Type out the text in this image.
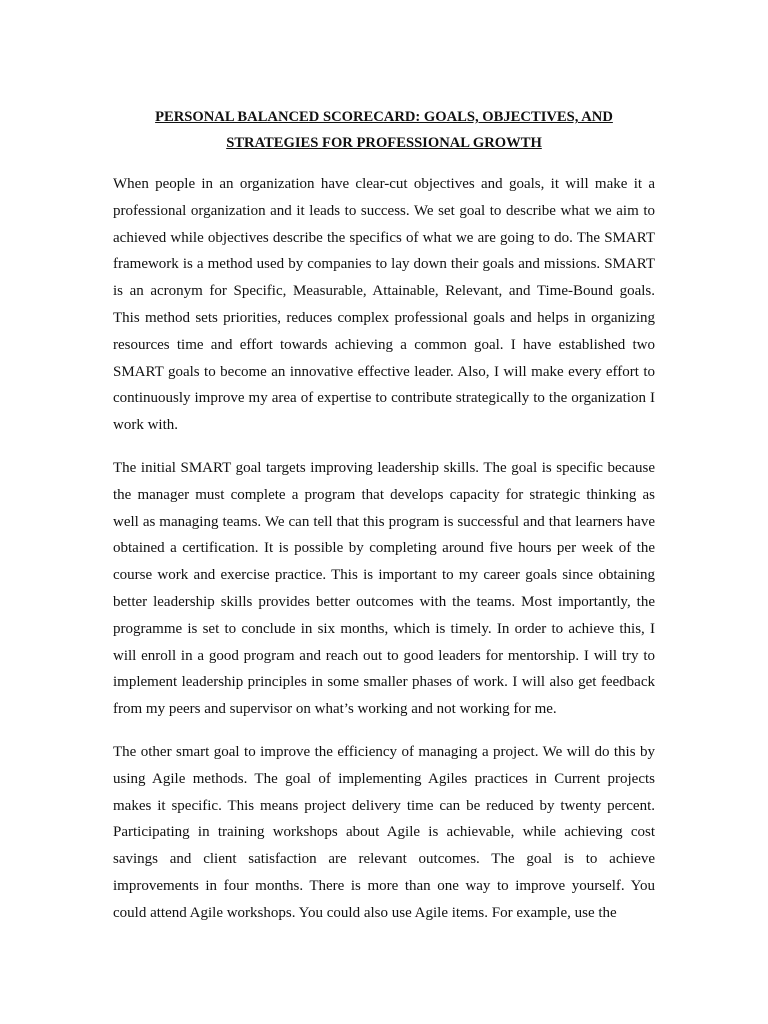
PERSONAL BALANCED SCORECARD: GOALS, OBJECTIVES, AND
STRATEGIES FOR PROFESSIONAL GROWTH

When people in an organization have clear-cut objectives and goals, it will make it a professional organization and it leads to success. We set goal to describe what we aim to achieved while objectives describe the specifics of what we are going to do. The SMART framework is a method used by companies to lay down their goals and missions. SMART is an acronym for Specific, Measurable, Attainable, Relevant, and Time-Bound goals. This method sets priorities, reduces complex professional goals and helps in organizing resources time and effort towards achieving a common goal. I have established two SMART goals to become an innovative effective leader. Also, I will make every effort to continuously improve my area of expertise to contribute strategically to the organization I work with.

The initial SMART goal targets improving leadership skills. The goal is specific because the manager must complete a program that develops capacity for strategic thinking as well as managing teams. We can tell that this program is successful and that learners have obtained a certification. It is possible by completing around five hours per week of the course work and exercise practice. This is important to my career goals since obtaining better leadership skills provides better outcomes with the teams. Most importantly, the programme is set to conclude in six months, which is timely. In order to achieve this, I will enroll in a good program and reach out to good leaders for mentorship. I will try to implement leadership principles in some smaller phases of work. I will also get feedback from my peers and supervisor on what’s working and not working for me.

The other smart goal to improve the efficiency of managing a project. We will do this by using Agile methods. The goal of implementing Agiles practices in Current projects makes it specific. This means project delivery time can be reduced by twenty percent. Participating in training workshops about Agile is achievable, while achieving cost savings and client satisfaction are relevant outcomes. The goal is to achieve improvements in four months. There is more than one way to improve yourself. You could attend Agile workshops. You could also use Agile items. For example, use the
